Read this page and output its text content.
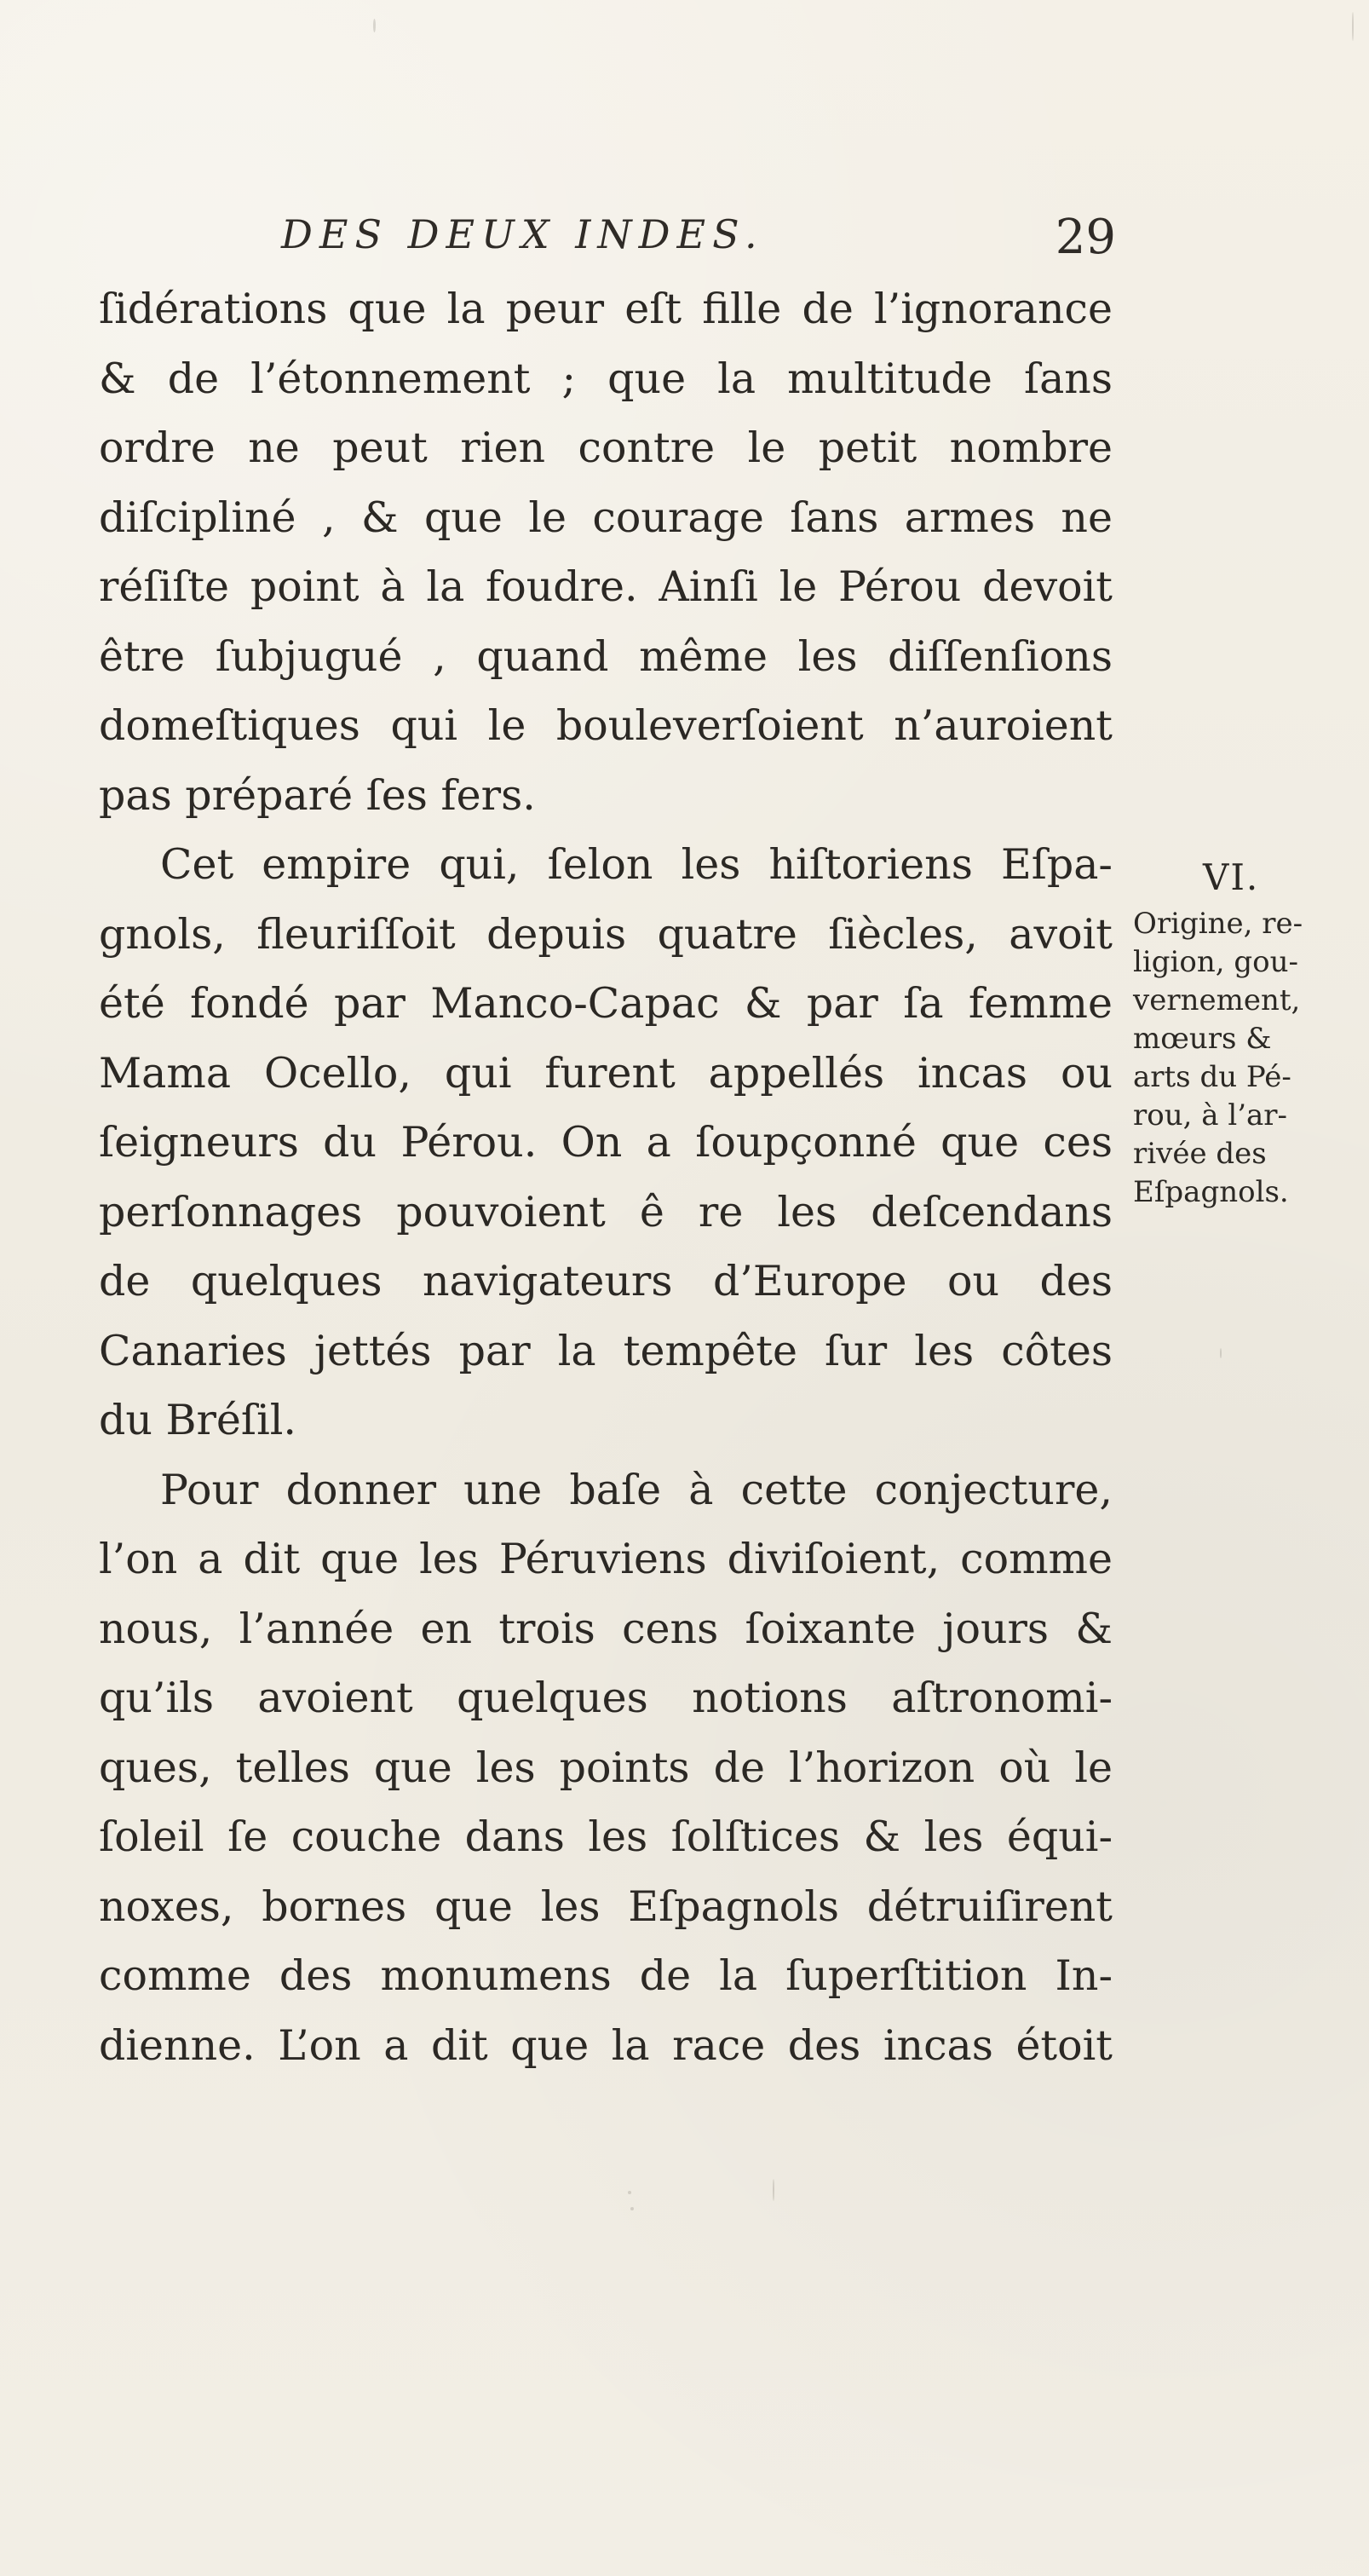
DES DEUX INDES.	29
ſidérations que la peur eſt fille de l’ignorance
& de l’étonnement ; que la multitude ſans
ordre ne peut rien contre le petit nombre
diſcipliné , & que le courage ſans armes ne
réſiſte point à la foudre. Ainſi le Pérou devoit
être ſubjugué , quand même les diſſenſions
domeſtiques qui le bouleverſoient n’auroient
pas préparé ſes fers.
Cet empire qui, ſelon les hiſtoriens Eſpa-
gnols, fleuriſſoit depuis quatre ſiècles, avoit
été fondé par Manco-Capac & par ſa femme
Mama Ocello, qui furent appellés incas ou
ſeigneurs du Pérou. On a ſoupçonné que ces
perſonnages pouvoient ê re les deſcendans
de quelques navigateurs d’Europe ou des
Canaries jettés par la tempête ſur les côtes
du Bréſil.
Pour donner une baſe à cette conjecture,
l’on a dit que les Péruviens diviſoient, comme
nous, l’année en trois cens ſoixante jours &
qu’ils avoient quelques notions aſtronomi-
ques, telles que les points de l’horizon où le
ſoleil ſe couche dans les ſolſtices & les équi-
noxes, bornes que les Eſpagnols détruiſirent
comme des monumens de la ſuperſtition In-
dienne. L’on a dit que la race des incas étoit
VI.
Origine, re-
ligion, gou-
vernement,
mœurs &
arts du Pé-
rou, à l’ar-
rivée des
Eſpagnols.
